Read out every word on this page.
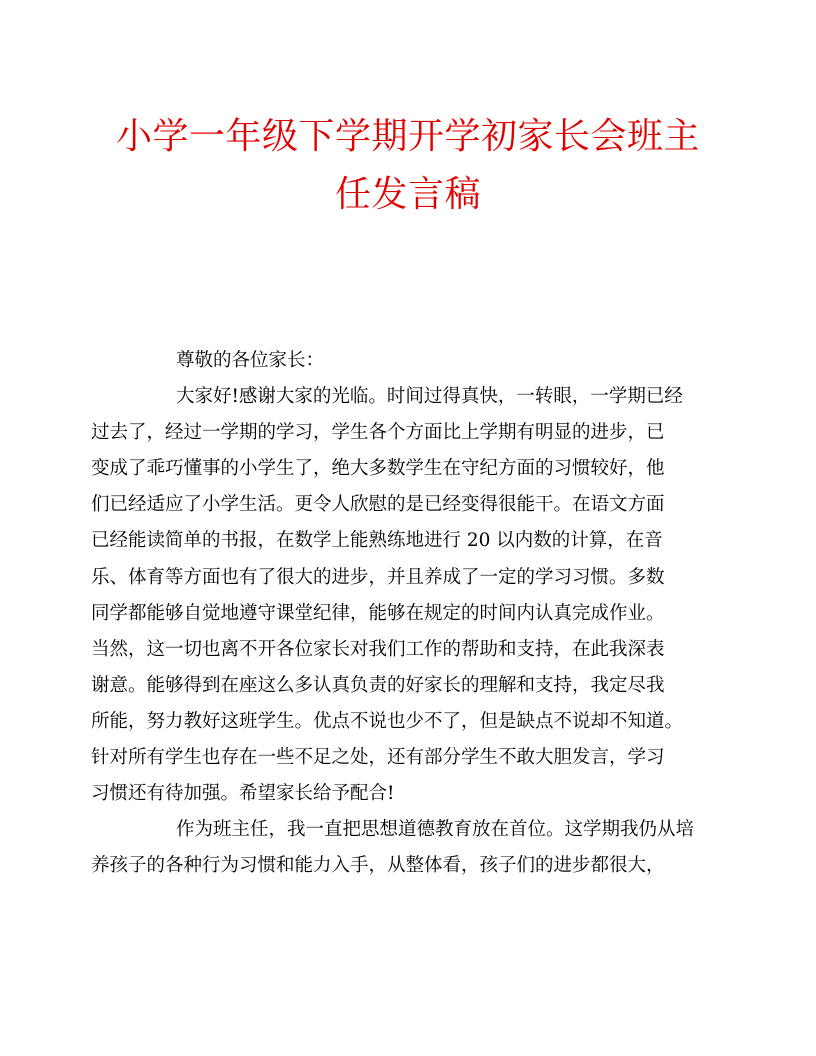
小学一年级下学期开学初家长会班主
任发言稿
尊敬的各位家长：
大家好!感谢大家的光临。时间过得真快，一转眼，一学期已经
过去了，经过一学期的学习，学生各个方面比上学期有明显的进步，已
变成了乖巧懂事的小学生了，绝大多数学生在守纪方面的习惯较好，他
们已经适应了小学生活。更令人欣慰的是已经变得很能干。在语文方面
已经能读简单的书报，在数学上能熟练地进行 20 以内数的计算，在音
乐、体育等方面也有了很大的进步，并且养成了一定的学习习惯。多数
同学都能够自觉地遵守课堂纪律，能够在规定的时间内认真完成作业。
当然，这一切也离不开各位家长对我们工作的帮助和支持，在此我深表
谢意。能够得到在座这么多认真负责的好家长的理解和支持，我定尽我
所能，努力教好这班学生。优点不说也少不了，但是缺点不说却不知道。
针对所有学生也存在一些不足之处，还有部分学生不敢大胆发言，学习
习惯还有待加强。希望家长给予配合!
作为班主任，我一直把思想道德教育放在首位。这学期我仍从培
养孩子的各种行为习惯和能力入手，从整体看，孩子们的进步都很大，
